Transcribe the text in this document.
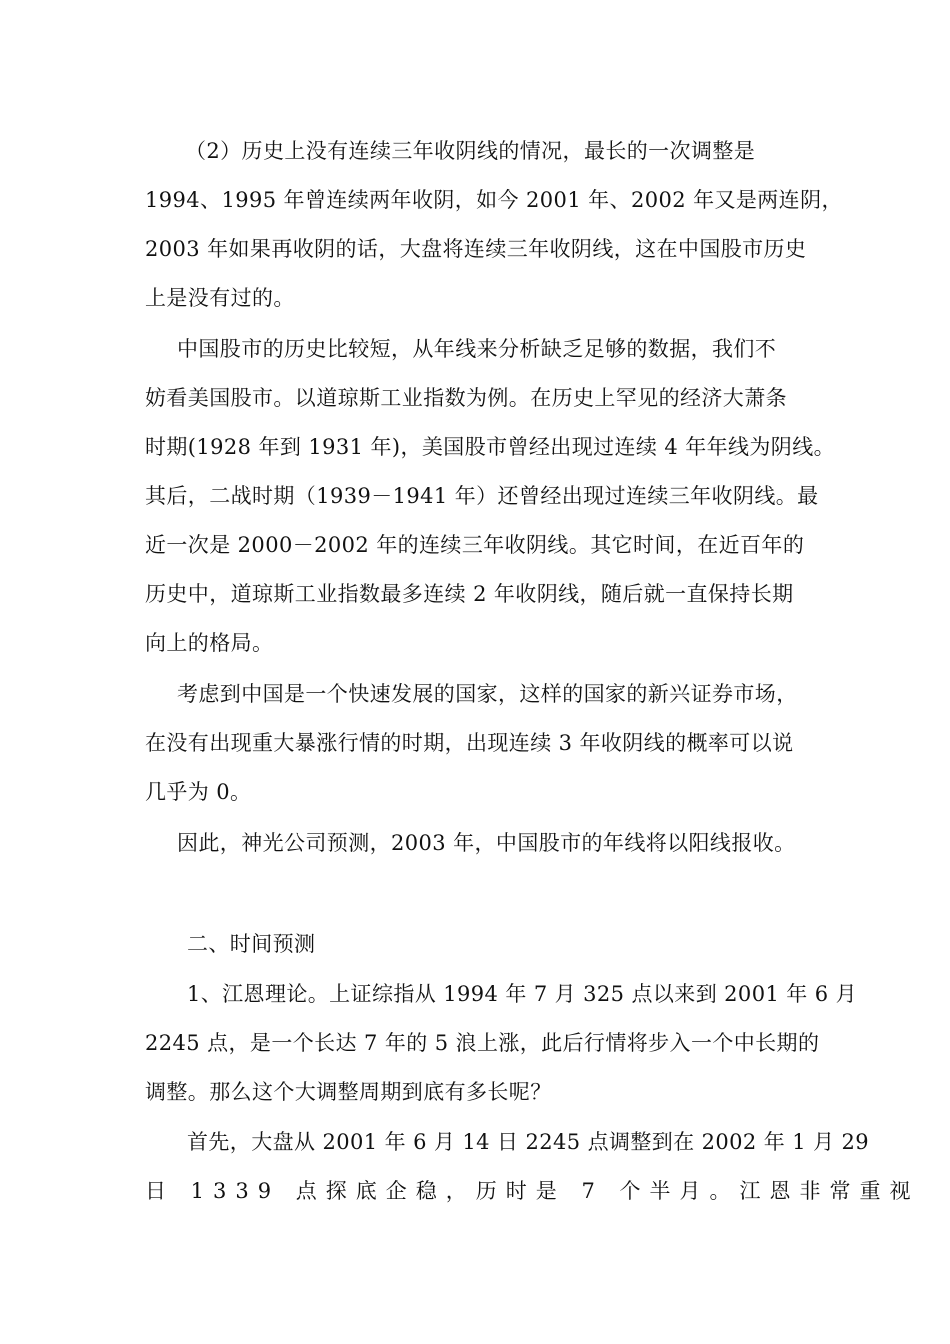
（2）历史上没有连续三年收阴线的情况，最长的一次调整是
1994、1995 年曾连续两年收阴，如今 2001 年、2002 年又是两连阴，
2003 年如果再收阴的话，大盘将连续三年收阴线，这在中国股市历史
上是没有过的。
中国股市的历史比较短，从年线来分析缺乏足够的数据，我们不
妨看美国股市。以道琼斯工业指数为例。在历史上罕见的经济大萧条
时期(1928 年到 1931 年)，美国股市曾经出现过连续 4 年年线为阴线。
其后，二战时期（1939－1941 年）还曾经出现过连续三年收阴线。最
近一次是 2000－2002 年的连续三年收阴线。其它时间，在近百年的
历史中，道琼斯工业指数最多连续 2 年收阴线，随后就一直保持长期
向上的格局。
考虑到中国是一个快速发展的国家，这样的国家的新兴证券市场，
在没有出现重大暴涨行情的时期，出现连续 3 年收阴线的概率可以说
几乎为 0。
因此，神光公司预测，2003 年，中国股市的年线将以阳线报收。
二、时间预测
1、江恩理论。上证综指从 1994 年 7 月 325 点以来到 2001 年 6 月
2245 点，是一个长达 7 年的 5 浪上涨，此后行情将步入一个中长期的
调整。那么这个大调整周期到底有多长呢？
首先，大盘从 2001 年 6 月 14 日 2245 点调整到在 2002 年 1 月 29
日 1339 点探底企稳，历时是 7 个半月。江恩非常重视
